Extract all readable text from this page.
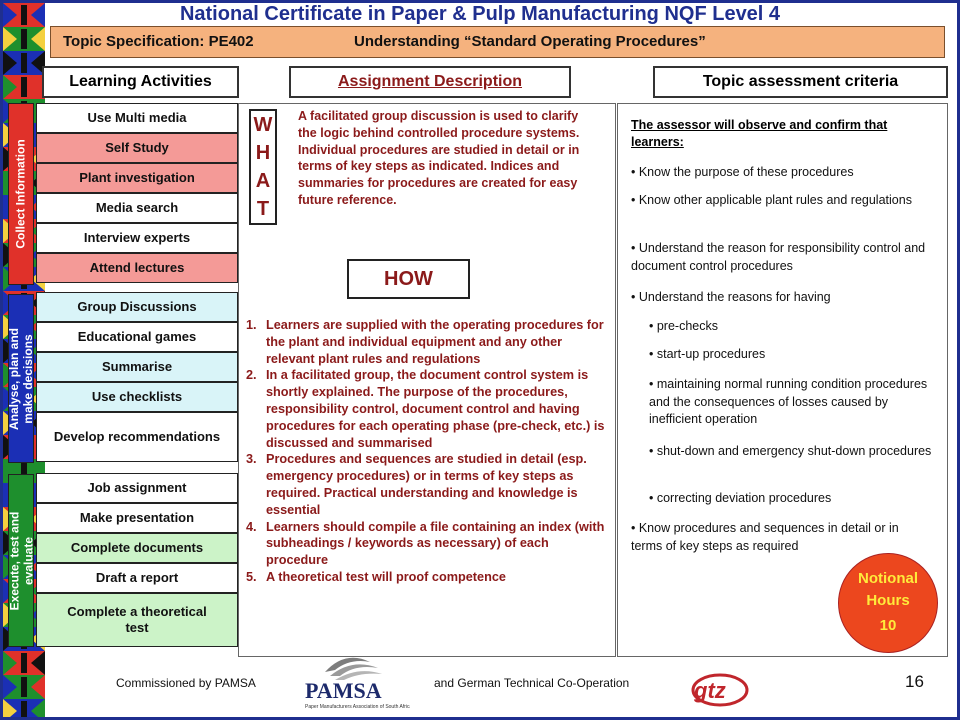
National Certificate in Paper & Pulp Manufacturing NQF Level 4
Topic Specification: PE402	Understanding “Standard Operating Procedures”
Learning Activities	Assignment Description	Topic assessment criteria
Collect Information
Analyse, plan and
make decisions
Execute, test and
evaluate
Use Multi media
Self Study
Plant investigation
Media search
Interview experts
Attend lectures
Group Discussions
Educational games
Summarise
Use checklists
Develop recommendations
Job assignment
Make presentation
Complete documents
Draft a report
Complete a theoretical test
W
H
A
T
A facilitated group discussion is used to clarify the logic behind controlled procedure systems. Individual procedures are studied in detail or in terms of key steps as indicated. Indices and summaries for procedures are created for easy future reference.
HOW
1. Learners are supplied with the operating procedures for the plant and individual equipment and any other relevant plant rules and regulations
2. In a facilitated group, the document control system is shortly explained. The purpose of the procedures, responsibility control, document control and having procedures for each operating phase (pre-check, etc.) is discussed and summarised
3. Procedures and sequences are studied in detail (esp. emergency procedures) or in terms of key steps as required. Practical understanding and knowledge is essential
4. Learners should compile a file containing an index (with subheadings / keywords as necessary) of each procedure
5. A theoretical test will proof competence
The assessor will observe and confirm that learners:
• Know the purpose of these procedures
• Know other applicable plant rules and regulations
• Understand the reason for responsibility control and document control procedures
• Understand the reasons for having
• pre-checks
• start-up procedures
• maintaining normal running condition procedures and the consequences of losses caused by inefficient operation
• shut-down and emergency shut-down procedures
• correcting deviation procedures
• Know procedures and sequences in detail or in terms of key steps as required
Notional
Hours
10
Commissioned by PAMSA	and German Technical Co-Operation	16
PAMSA
Paper Manufacturers Association of South Africa
gtz
